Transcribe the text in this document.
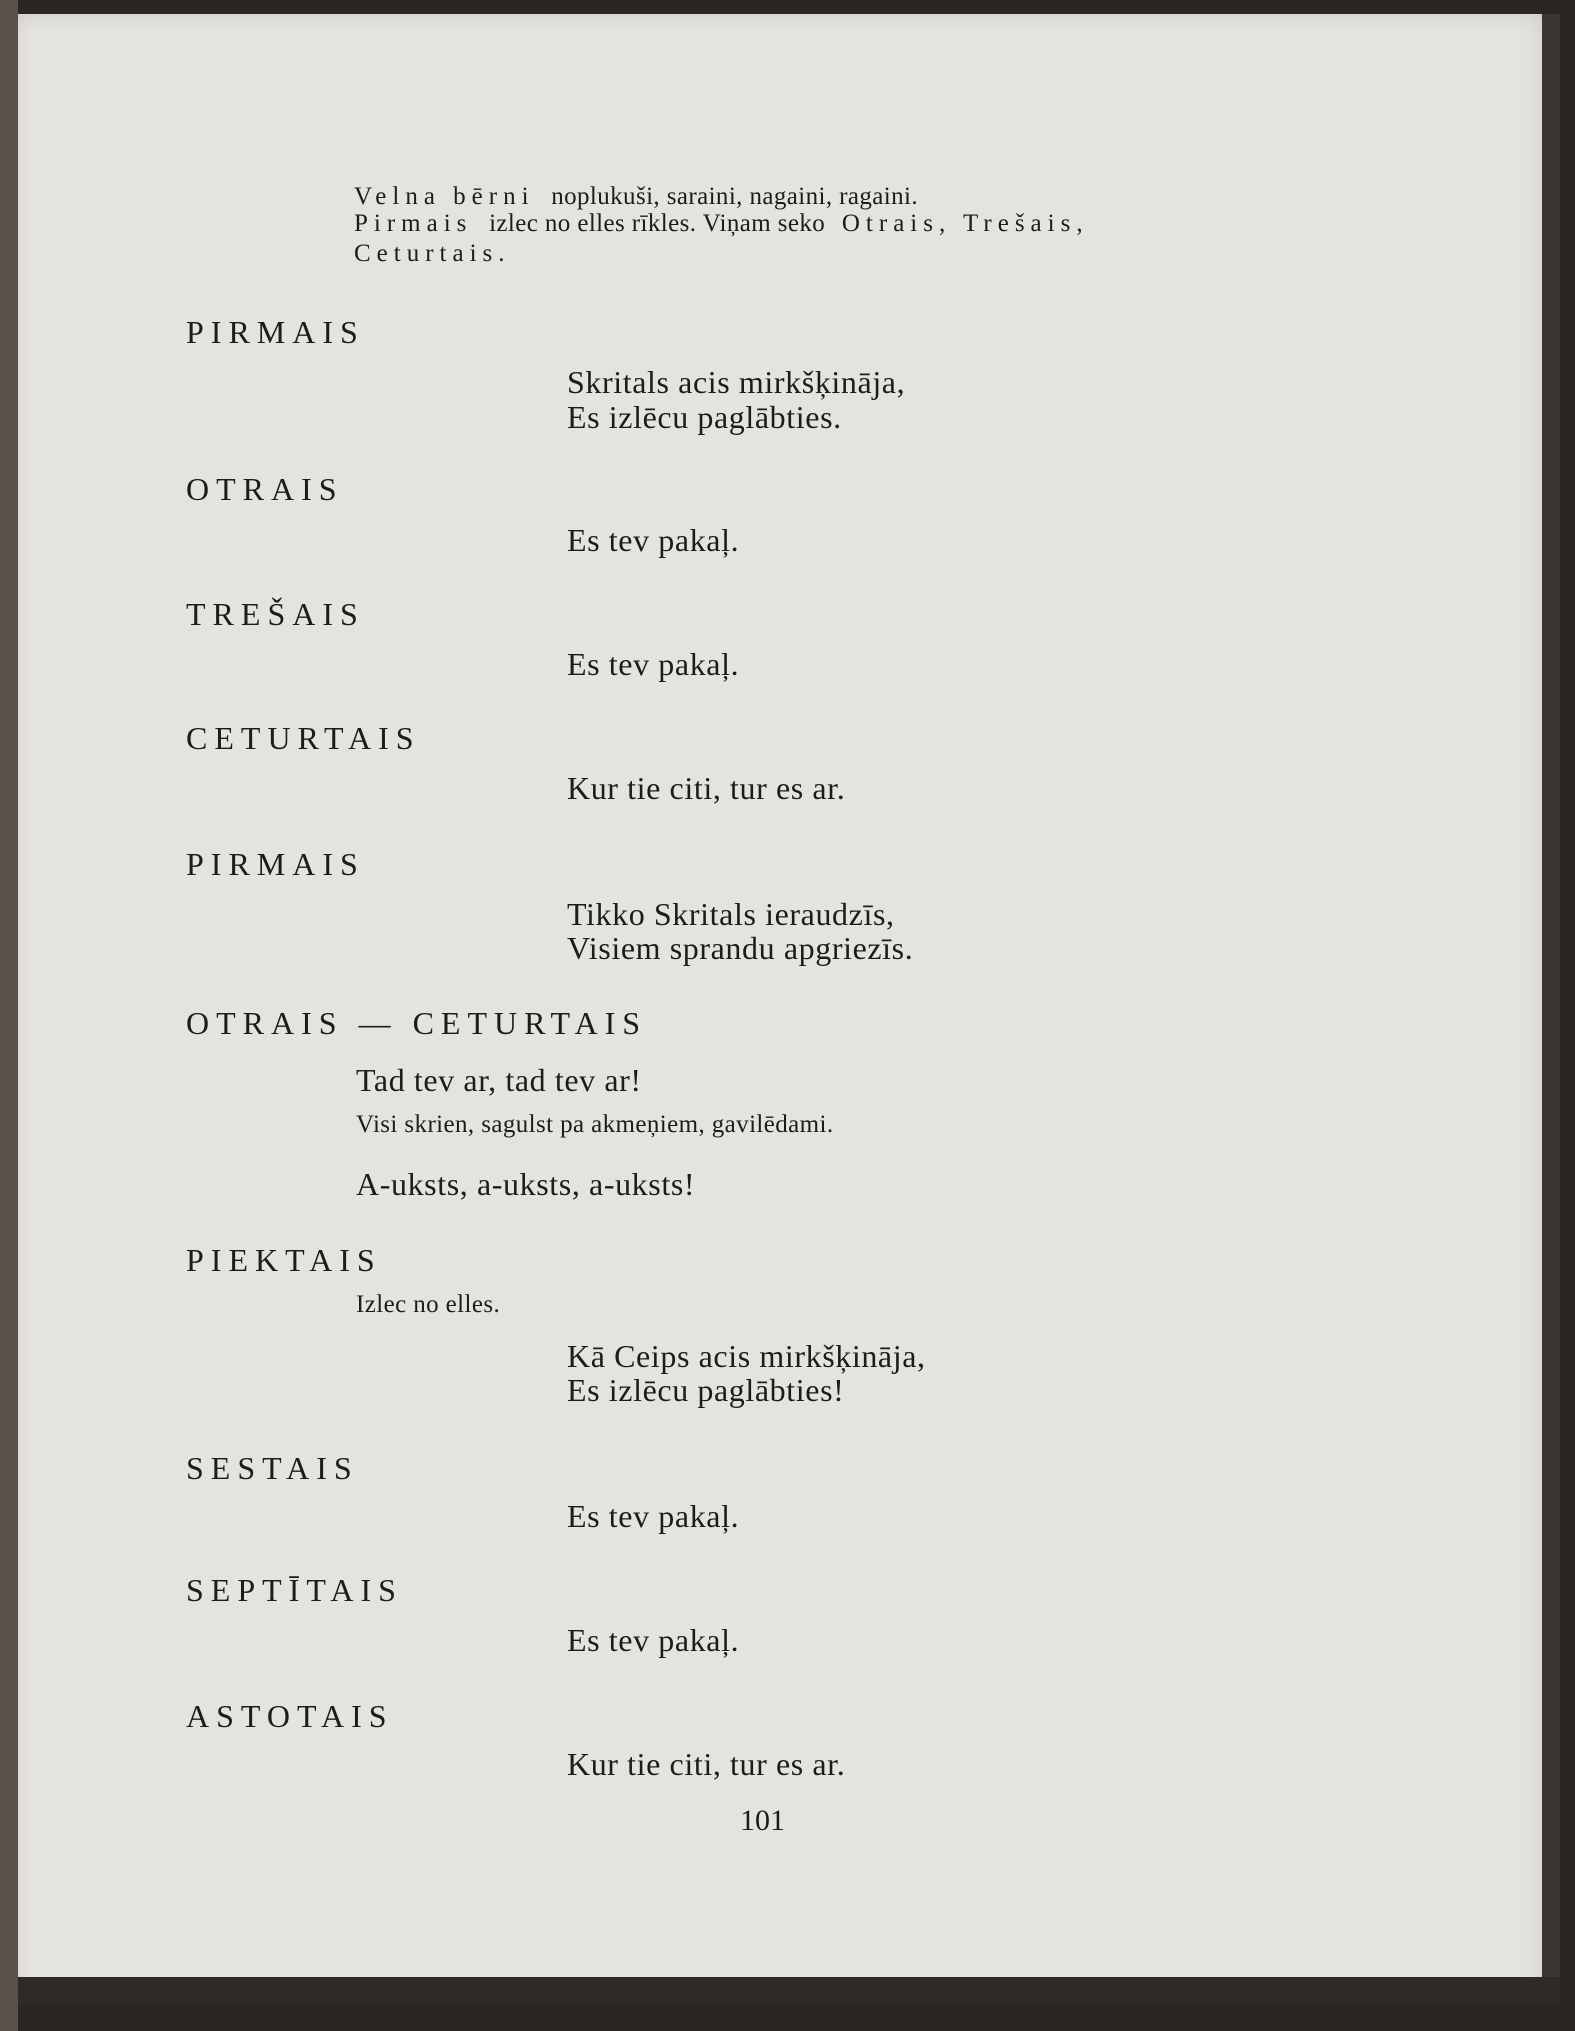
Velna bērni noplukuši, saraini, nagaini, ragaini.
Pirmais izlec no elles rīkles. Viņam seko Otrais, Trešais,
Ceturtais.
PIRMAIS
Skritals acis mirkšķināja,
Es izlēcu paglābties.
OTRAIS
Es tev pakaļ.
TREŠAIS
Es tev pakaļ.
CETURTAIS
Kur tie citi, tur es ar.
PIRMAIS
Tikko Skritals ieraudzīs,
Visiem sprandu apgriezīs.
OTRAIS — CETURTAIS
Tad tev ar, tad tev ar!
Visi skrien, sagulst pa akmeņiem, gavilēdami.
A-uksts, a-uksts, a-uksts!
PIEKTAIS
Izlec no elles.
Kā Ceips acis mirkšķināja,
Es izlēcu paglābties!
SESTAIS
Es tev pakaļ.
SEPTĪTAIS
Es tev pakaļ.
ASTOTAIS
Kur tie citi, tur es ar.
101
